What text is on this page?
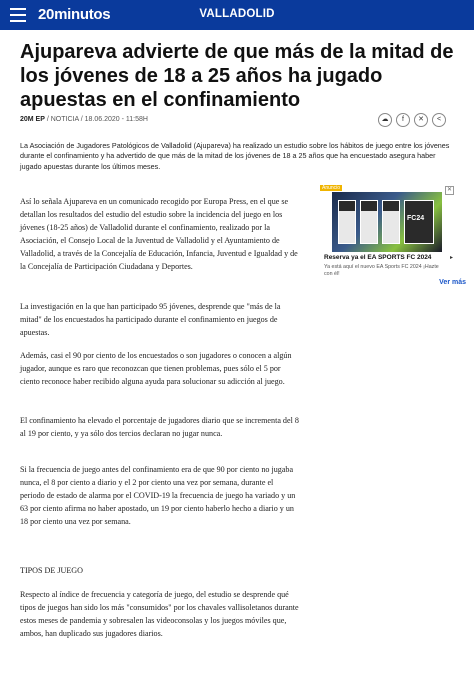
20minutos	VALLADOLID
Ajupareva advierte de que más de la mitad de los jóvenes de 18 a 25 años ha jugado apuestas en el confinamiento
20M EP / NOTICIA / 18.06.2020 - 11:58H	☁	f	✕	<

La Asociación de Jugadores Patológicos de Valladolid (Ajupareva) ha realizado un estudio sobre los hábitos de juego entre los jóvenes durante el confinamiento y ha advertido de que más de la mitad de los jóvenes de 18 a 25 años que ha encuestado asegura haber jugado apuestas durante los últimos meses.

Así lo señala Ajupareva en un comunicado recogido por Europa Press, en el que se detallan los resultados del estudio del estudio sobre la incidencia del juego en los jóvenes (18-25 años) de Valladolid durante el confinamiento, realizado por la Asociación, el Consejo Local de la Juventud de Valladolid y el Ayuntamiento de Valladolid, a través de la Concejalía de Educación, Infancia, Juventud e Igualdad y de la Concejalía de Participación Ciudadana y Deportes.

La investigación en la que han participado 95 jóvenes, desprende que "más de la mitad" de los encuestados ha participado durante el confinamiento en juegos de apuestas.

Además, casi el 90 por ciento de los encuestados o son jugadores o conocen a algún jugador, aunque es raro que reconozcan que tienen problemas, pues sólo el 5 por ciento reconoce haber recibido alguna ayuda para solucionar su adicción al juego.

El confinamiento ha elevado el porcentaje de jugadores diario que se incrementa del 8 al 19 por ciento, y ya sólo dos tercios declaran no jugar nunca.

Si la frecuencia de juego antes del confinamiento era de que 90 por ciento no jugaba nunca, el 8 por ciento a diario y el 2 por ciento una vez por semana, durante el periodo de estado de alarma por el COVID-19 la frecuencia de juego ha variado y un 63 por ciento afirma no haber apostado, un 19 por ciento haberlo hecho a diario y un 18 por ciento una vez por semana.

TIPOS DE JUEGO

Respecto al índice de frecuencia y categoría de juego, del estudio se desprende qué tipos de juegos han sido los más "consumidos" por los chavales vallisoletanos durante estos meses de pandemia y sobresalen las videoconsolas y los juegos móviles que, ambos, han duplicado sus jugadores diarios.

Anuncio	✕
FC24
Reserva ya el EA SPORTS FC 2024	▸
Ya está aquí el nuevo EA Sports FC 2024 ¡Hazte con él!
Ver más
